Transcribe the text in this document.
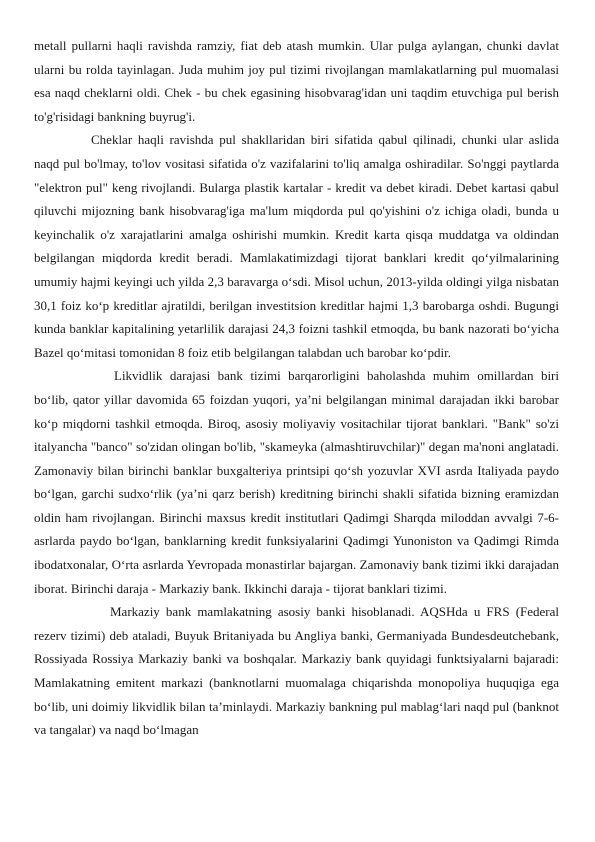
metall pullarni haqli ravishda ramziy, fiat deb atash mumkin. Ular pulga aylangan, chunki davlat ularni bu rolda tayinlagan. Juda muhim joy pul tizimi rivojlangan mamlakatlarning pul muomalasi esa naqd cheklarni oldi. Chek - bu chek egasining hisobvarag'idan uni taqdim etuvchiga pul berish to'g'risidagi bankning buyrug'i.

Cheklar haqli ravishda pul shakllaridan biri sifatida qabul qilinadi, chunki ular aslida naqd pul bo'lmay, to'lov vositasi sifatida o'z vazifalarini to'liq amalga oshiradilar. So'nggi paytlarda "elektron pul" keng rivojlandi. Bularga plastik kartalar - kredit va debet kiradi. Debet kartasi qabul qiluvchi mijozning bank hisobvarag'iga ma'lum miqdorda pul qo'yishini o'z ichiga oladi, bunda u keyinchalik o'z xarajatlarini amalga oshirishi mumkin. Kredit karta qisqa muddatga va oldindan belgilangan miqdorda kredit beradi. Mamlakatimizdagi tijorat banklari kredit qo‘yilmalarining umumiy hajmi keyingi uch yilda 2,3 baravarga o‘sdi. Misol uchun, 2013-yilda oldingi yilga nisbatan 30,1 foiz ko‘p kreditlar ajratildi, berilgan investitsion kreditlar hajmi 1,3 barobarga oshdi. Bugungi kunda banklar kapitalining yetarlilik darajasi 24,3 foizni tashkil etmoqda, bu bank nazorati bo‘yicha Bazel qo‘mitasi tomonidan 8 foiz etib belgilangan talabdan uch barobar ko‘pdir.

Likvidlik darajasi bank tizimi barqarorligini baholashda muhim omillardan biri bo‘lib, qator yillar davomida 65 foizdan yuqori, ya’ni belgilangan minimal darajadan ikki barobar ko‘p miqdorni tashkil etmoqda. Biroq, asosiy moliyaviy vositachilar tijorat banklari. "Bank" so'zi italyancha "banco" so'zidan olingan bo'lib, "skameyka (almashtiruvchilar)" degan ma'noni anglatadi. Zamonaviy bilan birinchi banklar buxgalteriya printsipi qo‘sh yozuvlar XVI asrda Italiyada paydo bo‘lgan, garchi sudxo‘rlik (ya’ni qarz berish) kreditning birinchi shakli sifatida bizning eramizdan oldin ham rivojlangan. Birinchi maxsus kredit institutlari Qadimgi Sharqda miloddan avvalgi 7-6-asrlarda paydo bo‘lgan, banklarning kredit funksiyalarini Qadimgi Yunoniston va Qadimgi Rimda ibodatxonalar, O‘rta asrlarda Yevropada monastirlar bajargan. Zamonaviy bank tizimi ikki darajadan iborat. Birinchi daraja - Markaziy bank. Ikkinchi daraja - tijorat banklari tizimi.

Markaziy bank mamlakatning asosiy banki hisoblanadi. AQSHda u FRS (Federal rezerv tizimi) deb ataladi, Buyuk Britaniyada bu Angliya banki, Germaniyada Bundesdeutchebank, Rossiyada Rossiya Markaziy banki va boshqalar. Markaziy bank quyidagi funktsiyalarni bajaradi: Mamlakatning emitent markazi (banknotlarni muomalaga chiqarishda monopoliya huquqiga ega bo‘lib, uni doimiy likvidlik bilan ta’minlaydi. Markaziy bankning pul mablag‘lari naqd pul (banknot va tangalar) va naqd bo‘lmagan
